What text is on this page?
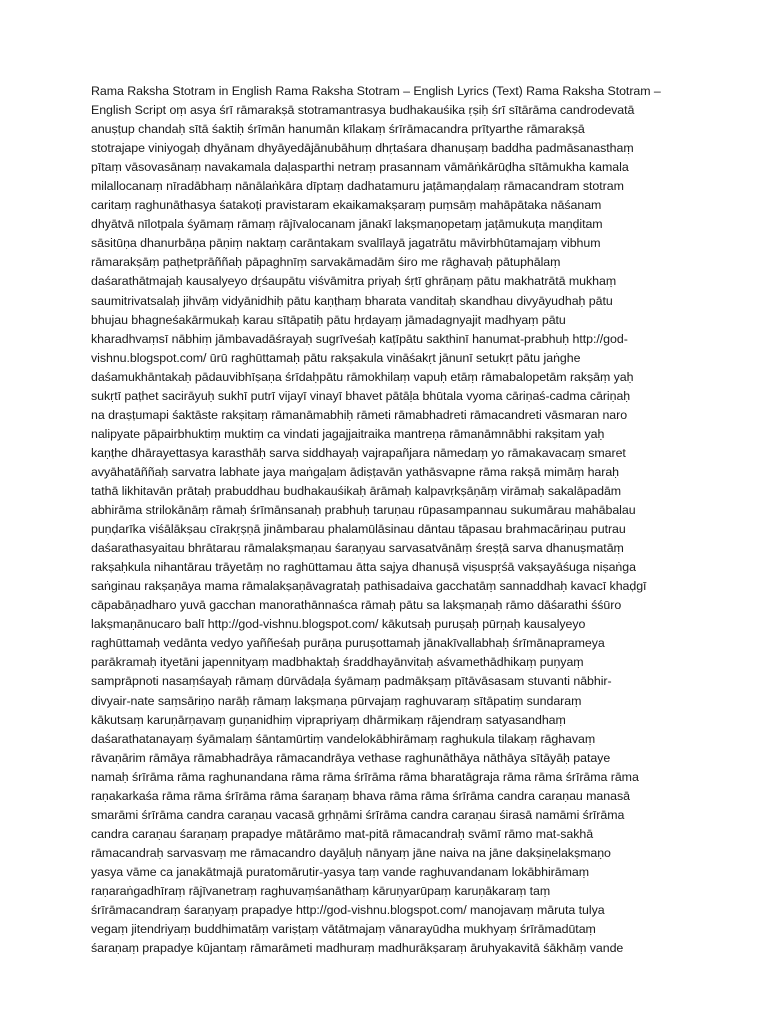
Rama Raksha Stotram in English Rama Raksha Stotram – English Lyrics (Text) Rama Raksha Stotram –
English Script oṃ asya śrī rāmarakṣā stotramantrasya budhakauśika ṛṣiḥ śrī sītārāma candrodevatā
anuṣṭup chandaḥ sītā śaktiḥ śrīmān hanumān kīlakaṃ śrīrāmacandra prītyarthe rāmarakṣā
stotrajape viniyogaḥ dhyānam dhyāyedājānubāhuṃ dhṛtaśara dhanuṣaṃ baddha padmāsanasthaṃ
pītaṃ vāsovasānaṃ navakamala daḷasparthi netraṃ prasannam vāmāṅkārūḍha sītāmukha kamala
milallocanaṃ nīradābhaṃ nānālaṅkāra dīptaṃ dadhatamuru jaṭāmaṇḍalaṃ rāmacandram stotram
caritaṃ raghunāthasya śatakoṭi pravistaram ekaikamakṣaraṃ puṃsāṃ mahāpātaka nāśanam
dhyātvā nīlotpala śyāmaṃ rāmaṃ rājīvalocanam jānakī lakṣmaṇopetaṃ jaṭāmukuṭa maṇḍitam
sāsitūṇa dhanurbāṇa pāṇiṃ naktaṃ carāntakam svalīlayā jagatrātu māvirbhūtamajaṃ vibhum
rāmarakṣāṃ paṭhetprāññaḥ pāpaghnīṃ sarvakāmadām śiro me rāghavaḥ pātuphālaṃ
daśarathātmajaḥ kausalyeyo dṛśaupātu viśvāmitra priyaḥ śṛtī ghrāṇaṃ pātu makhatrātā mukhaṃ
saumitrivatsalaḥ jihvāṃ vidyānidhiḥ pātu kaṇṭhaṃ bharata vanditaḥ skandhau divyāyudhaḥ pātu
bhujau bhagneśakārmukaḥ karau sītāpatiḥ pātu hṛdayaṃ jāmadagnyajit madhyaṃ pātu
kharadhvaṃsī nābhiṃ jāmbavadāśrayaḥ sugrīveśaḥ kaṭīpātu sakthinī hanumat-prabhuḥ http://god-
vishnu.blogspot.com/ ūrū raghūttamaḥ pātu rakṣakula vināśakṛt jānunī setukṛt pātu jaṅghe
daśamukhāntakaḥ pādauvibhīṣaṇa śrīdaḥpātu rāmokhilaṃ vapuḥ etāṃ rāmabalopetām rakṣāṃ yaḥ
sukṛtī paṭhet sacirāyuḥ sukhī putrī vijayī vinayī bhavet pātāḷa bhūtala vyoma cāriṇaś-cadma cāriṇaḥ
na draṣṭumapi śaktāste rakṣitaṃ rāmanāmabhiḥ rāmeti rāmabhadreti rāmacandreti vāsmaran naro
nalipyate pāpairbhuktiṃ muktiṃ ca vindati jagajjaitraika mantreṇa rāmanāmnābhi rakṣitam yaḥ
kaṇṭhe dhārayettasya karasthāḥ sarva siddhayaḥ vajrapañjara nāmedaṃ yo rāmakavacaṃ smaret
avyāhatāññaḥ sarvatra labhate jaya maṅgaḷam ādiṣṭavān yathāsvapne rāma rakṣā mimāṃ haraḥ
tathā likhitavān prātaḥ prabuddhau budhakauśikaḥ ārāmaḥ kalpavṛkṣāṇāṃ virāmaḥ sakalāpadām
abhirāma strilokānāṃ rāmaḥ śrīmānsanaḥ prabhuḥ taruṇau rūpasampannau sukumārau mahābalau
puṇḍarīka viśālākṣau cīrakṛṣṇā jināmbarau phalamūlāsinau dāntau tāpasau brahmacāriṇau putrau
daśarathasyaitau bhrātarau rāmalakṣmaṇau śaraṇyau sarvasatvānāṃ śreṣṭā sarva dhanuṣmatāṃ
rakṣaḥkula nihantārau trāyetāṃ no raghūttamau ātta sajya dhanuṣā viṣuspṛśā vakṣayāśuga niṣaṅga
saṅginau rakṣaṇāya mama rāmalakṣaṇāvagrataḥ pathisadaiva gacchatāṃ sannaddhaḥ kavacī khaḍgī
cāpabāṇadharo yuvā gacchan manorathānnaśca rāmaḥ pātu sa lakṣmaṇaḥ rāmo dāśarathi śśūro
lakṣmaṇānucaro balī http://god-vishnu.blogspot.com/ kākutsaḥ puruṣaḥ pūrṇaḥ kausalyeyo
raghūttamaḥ vedānta vedyo yaññeśaḥ purāṇa puruṣottamaḥ jānakīvallabhaḥ śrīmānaprameya
parākramaḥ ityetāni japennityaṃ madbhaktaḥ śraddhayānvitaḥ aśvamethādhikaṃ puṇyaṃ
samprāpnoti nasaṃśayaḥ rāmaṃ dūrvādaḷa śyāmaṃ padmākṣaṃ pītāvāsasam stuvanti nābhir-
divyair-nate saṃsāriṇo narāḥ rāmaṃ lakṣmaṇa pūrvajaṃ raghuvaraṃ sītāpatiṃ sundaraṃ
kākutsaṃ karuṇārṇavaṃ guṇanidhiṃ viprapriyaṃ dhārmikaṃ rājendraṃ satyasandhaṃ
daśarathatanayaṃ śyāmalaṃ śāntamūrtiṃ vandelokābhirāmaṃ raghukula tilakaṃ rāghavaṃ
rāvaṇārim rāmāya rāmabhadrāya rāmacandrāya vethase raghunāthāya nāthāya sītāyāḥ pataye
namaḥ śrīrāma rāma raghunandana rāma rāma śrīrāma rāma bharatāgraja rāma rāma śrīrāma rāma
raṇakarkaśa rāma rāma śrīrāma rāma śaraṇaṃ bhava rāma rāma śrīrāma candra caraṇau manasā
smarāmi śrīrāma candra caraṇau vacasā gṛhṇāmi śrīrāma candra caraṇau śirasā namāmi śrīrāma
candra caraṇau śaraṇaṃ prapadye mātārāmo mat-pitā rāmacandraḥ svāmī rāmo mat-sakhā
rāmacandraḥ sarvasvaṃ me rāmacandro dayāḷuḥ nānyaṃ jāne naiva na jāne dakṣiṇelakṣmaṇo
yasya vāme ca janakātmajā puratomārutir-yasya taṃ vande raghuvandanam lokābhirāmaṃ
raṇaraṅgadhīraṃ rājīvanetraṃ raghuvaṃśanāthaṃ kāruṇyarūpaṃ karuṇākaraṃ taṃ
śrīrāmacandraṃ śaraṇyaṃ prapadye http://god-vishnu.blogspot.com/ manojavaṃ māruta tulya
vegaṃ jitendriyaṃ buddhimatāṃ variṣṭaṃ vātātmajaṃ vānarayūdha mukhyaṃ śrīrāmadūtaṃ
śaraṇaṃ prapadye kūjantaṃ rāmarāmeti madhuraṃ madhurākṣaraṃ āruhyakavitā śākhāṃ vande
